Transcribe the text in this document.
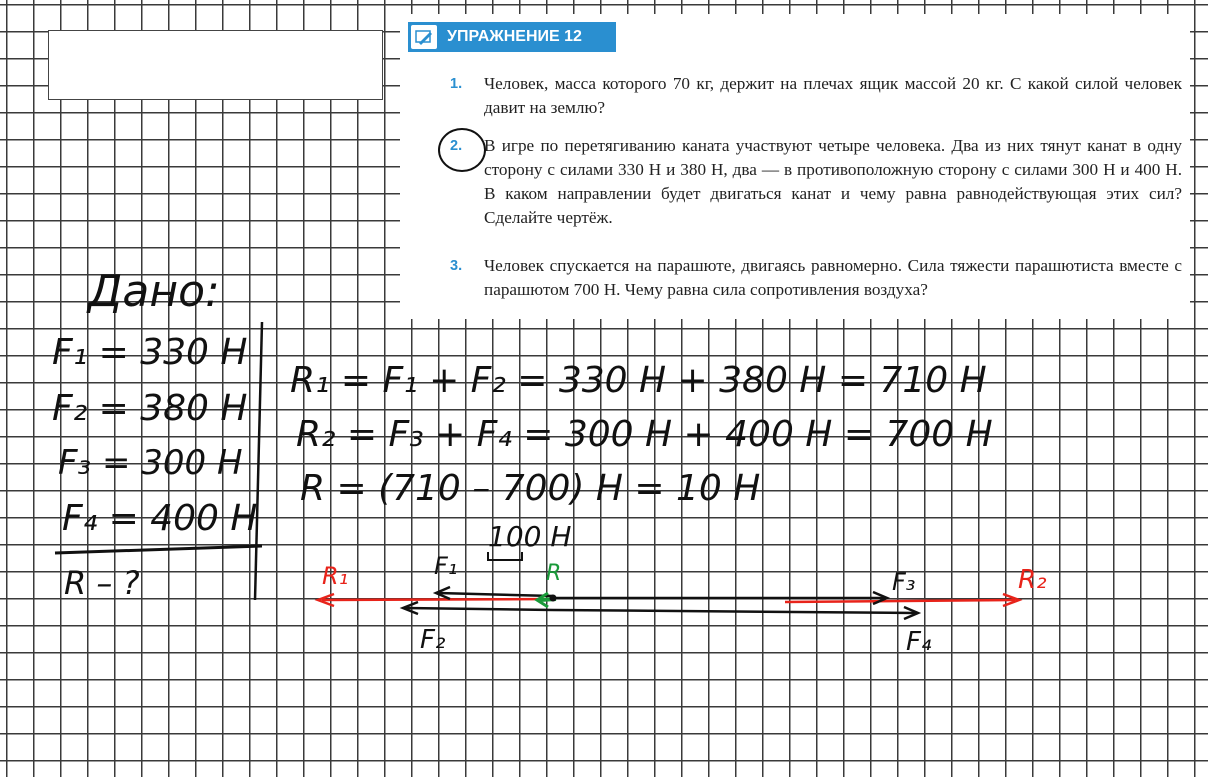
УПРАЖНЕНИЕ 12
1. Человек, масса которого 70 кг, держит на плечах ящик массой 20 кг. С какой силой человек давит на землю?
2. В игре по перетягиванию каната участвуют четыре человека. Два из них тянут канат в одну сторону с силами 330 Н и 380 Н, два — в противоположную сторону с силами 300 Н и 400 Н. В каком направлении будет двигаться канат и чему равна равнодействующая этих сил? Сделайте чертёж.
3. Человек спускается на парашюте, двигаясь равномерно. Сила тяжести парашютиста вместе с парашютом 700 Н. Чему равна сила сопротивления воздуха?
Дано:
F₁ = 330 Н
F₂ = 380 Н
F₃ = 300 Н
F₄ = 400 Н
R – ?
R₁ = F₁ + F₂ = 330 Н + 380 Н = 710 Н
R₂ = F₃ + F₄ = 300 Н + 400 Н = 700 Н
R = (710 – 700) Н = 10 Н
100 Н
R₁	R₂
F₁
F₂
F₃
F₄
R
